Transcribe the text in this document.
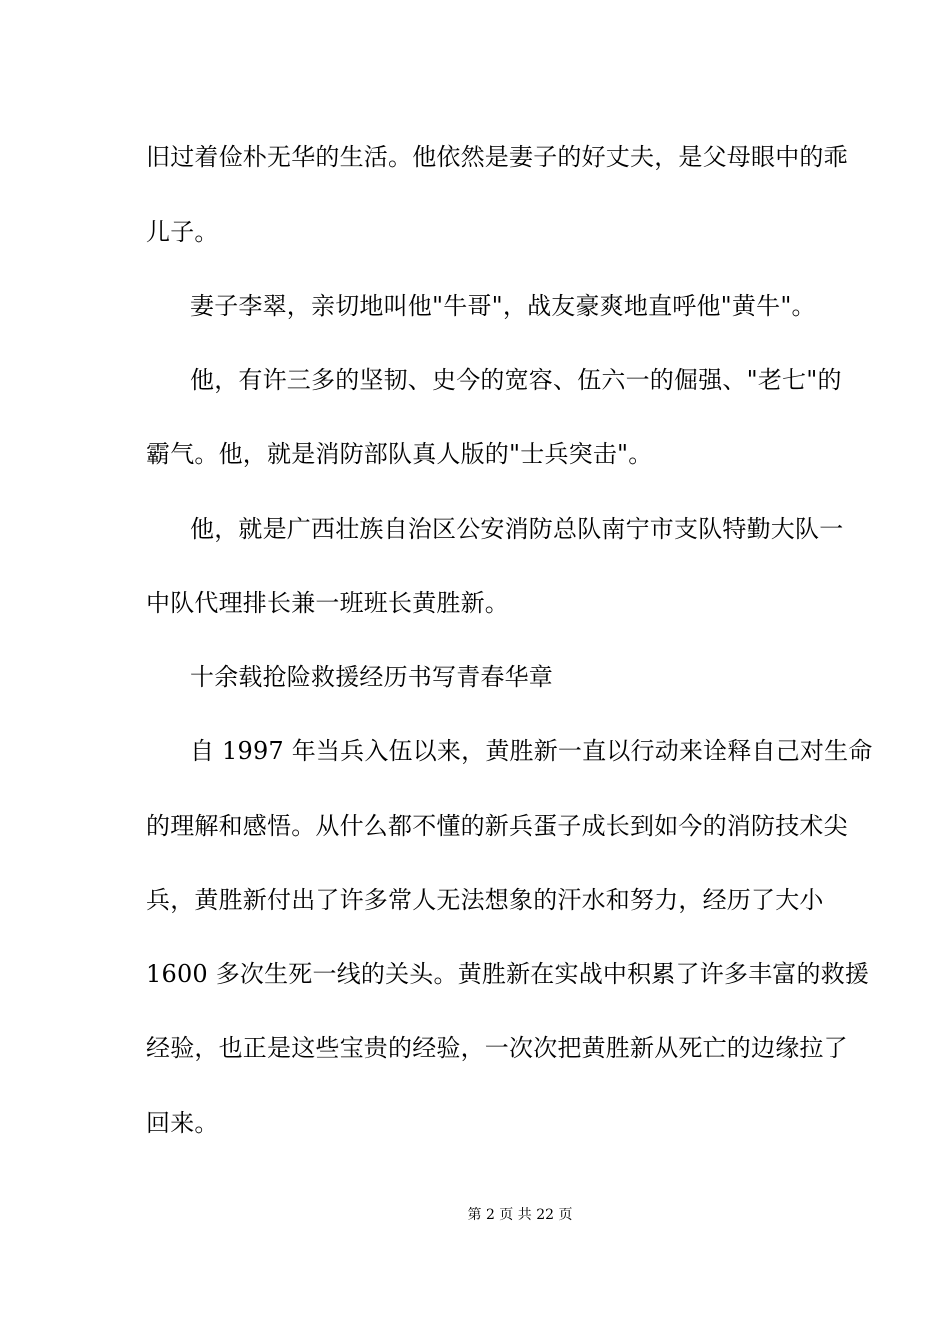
旧过着俭朴无华的生活。他依然是妻子的好丈夫，是父母眼中的乖
儿子。
妻子李翠，亲切地叫他"牛哥"，战友豪爽地直呼他"黄牛"。
他，有许三多的坚韧、史今的宽容、伍六一的倔强、"老七"的
霸气。他，就是消防部队真人版的"士兵突击"。
他，就是广西壮族自治区公安消防总队南宁市支队特勤大队一
中队代理排长兼一班班长黄胜新。
十余载抢险救援经历书写青春华章
自 1997 年当兵入伍以来，黄胜新一直以行动来诠释自己对生命
的理解和感悟。从什么都不懂的新兵蛋子成长到如今的消防技术尖
兵，黄胜新付出了许多常人无法想象的汗水和努力，经历了大小
1600 多次生死一线的关头。黄胜新在实战中积累了许多丰富的救援
经验，也正是这些宝贵的经验，一次次把黄胜新从死亡的边缘拉了
回来。
第 2 页 共 22 页
